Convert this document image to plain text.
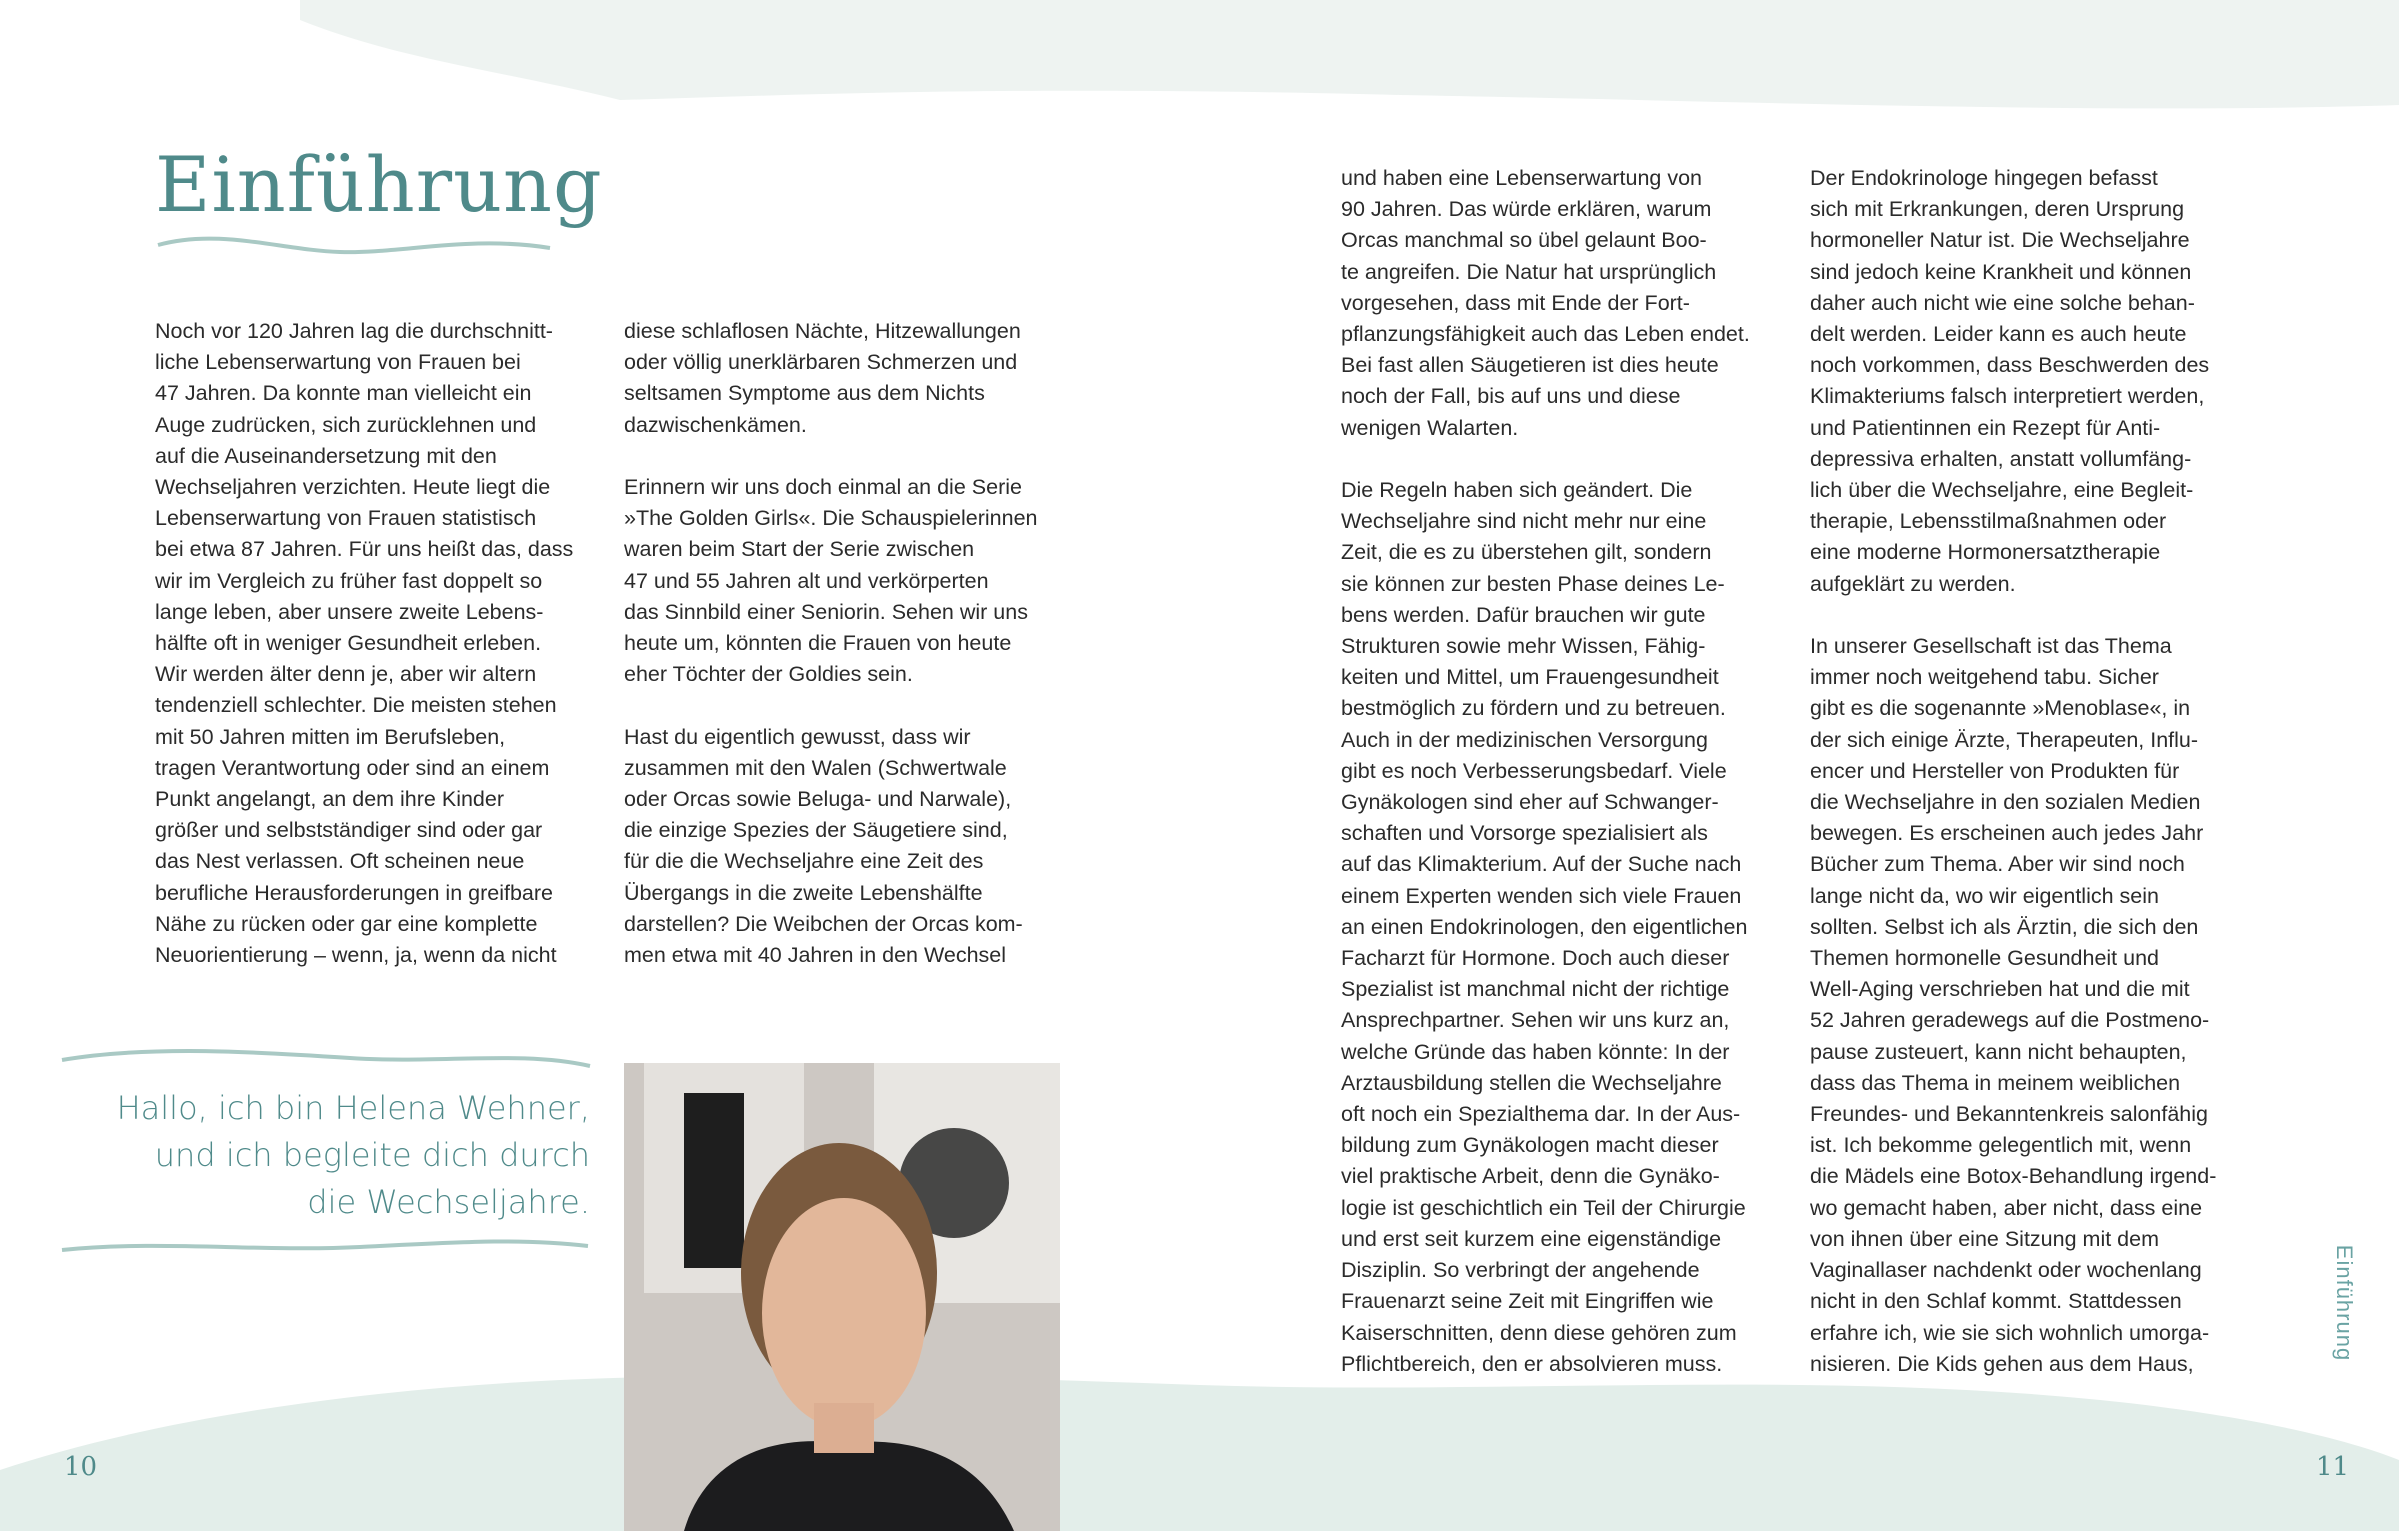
Einführung
Noch vor 120 Jahren lag die durchschnitt-
liche Lebenserwartung von Frauen bei
47 Jahren. Da konnte man vielleicht ein
Auge zudrücken, sich zurücklehnen und
auf die Auseinandersetzung mit den
Wechseljahren verzichten. Heute liegt die
Lebenserwartung von Frauen statistisch
bei etwa 87 Jahren. Für uns heißt das, dass
wir im Vergleich zu früher fast doppelt so
lange leben, aber unsere zweite Lebens-
hälfte oft in weniger Gesundheit erleben.
Wir werden älter denn je, aber wir altern
tendenziell schlechter. Die meisten stehen
mit 50 Jahren mitten im Berufsleben,
tragen Verantwortung oder sind an einem
Punkt angelangt, an dem ihre Kinder
größer und selbstständiger sind oder gar
das Nest verlassen. Oft scheinen neue
berufliche Herausforderungen in greifbare
Nähe zu rücken oder gar eine komplette
Neuorientierung – wenn, ja, wenn da nicht
diese schlaflosen Nächte, Hitzewallungen
oder völlig unerklärbaren Schmerzen und
seltsamen Symptome aus dem Nichts
dazwischenkämen.
Erinnern wir uns doch einmal an die Serie
»The Golden Girls«. Die Schauspielerinnen
waren beim Start der Serie zwischen
47 und 55 Jahren alt und verkörperten
das Sinnbild einer Seniorin. Sehen wir uns
heute um, könnten die Frauen von heute
eher Töchter der Goldies sein.
Hast du eigentlich gewusst, dass wir
zusammen mit den Walen (Schwertwale
oder Orcas sowie Beluga- und Narwale),
die einzige Spezies der Säugetiere sind,
für die die Wechseljahre eine Zeit des
Übergangs in die zweite Lebenshälfte
darstellen? Die Weibchen der Orcas kom-
men etwa mit 40 Jahren in den Wechsel
und haben eine Lebenserwartung von
90 Jahren. Das würde erklären, warum
Orcas manchmal so übel gelaunt Boo-
te angreifen. Die Natur hat ursprünglich
vorgesehen, dass mit Ende der Fort-
pflanzungsfähigkeit auch das Leben endet.
Bei fast allen Säugetieren ist dies heute
noch der Fall, bis auf uns und diese
wenigen Walarten.
Die Regeln haben sich geändert. Die
Wechseljahre sind nicht mehr nur eine
Zeit, die es zu überstehen gilt, sondern
sie können zur besten Phase deines Le-
bens werden. Dafür brauchen wir gute
Strukturen sowie mehr Wissen, Fähig-
keiten und Mittel, um Frauengesundheit
bestmöglich zu fördern und zu betreuen.
Auch in der medizinischen Versorgung
gibt es noch Verbesserungsbedarf. Viele
Gynäkologen sind eher auf Schwanger-
schaften und Vorsorge spezialisiert als
auf das Klimakterium. Auf der Suche nach
einem Experten wenden sich viele Frauen
an einen Endokrinologen, den eigentlichen
Facharzt für Hormone. Doch auch dieser
Spezialist ist manchmal nicht der richtige
Ansprechpartner. Sehen wir uns kurz an,
welche Gründe das haben könnte: In der
Arztausbildung stellen die Wechseljahre
oft noch ein Spezialthema dar. In der Aus-
bildung zum Gynäkologen macht dieser
viel praktische Arbeit, denn die Gynäko-
logie ist geschichtlich ein Teil der Chirurgie
und erst seit kurzem eine eigenständige
Disziplin. So verbringt der angehende
Frauenarzt seine Zeit mit Eingriffen wie
Kaiserschnitten, denn diese gehören zum
Pflichtbereich, den er absolvieren muss.
Der Endokrinologe hingegen befasst
sich mit Erkrankungen, deren Ursprung
hormoneller Natur ist. Die Wechseljahre
sind jedoch keine Krankheit und können
daher auch nicht wie eine solche behan-
delt werden. Leider kann es auch heute
noch vorkommen, dass Beschwerden des
Klimakteriums falsch interpretiert werden,
und Patientinnen ein Rezept für Anti-
depressiva erhalten, anstatt vollumfäng-
lich über die Wechseljahre, eine Begleit-
therapie, Lebensstilmaßnahmen oder
eine moderne Hormonersatztherapie
aufgeklärt zu werden.
In unserer Gesellschaft ist das Thema
immer noch weitgehend tabu. Sicher
gibt es die sogenannte »Menoblase«, in
der sich einige Ärzte, Therapeuten, Influ-
encer und Hersteller von Produkten für
die Wechseljahre in den sozialen Medien
bewegen. Es erscheinen auch jedes Jahr
Bücher zum Thema. Aber wir sind noch
lange nicht da, wo wir eigentlich sein
sollten. Selbst ich als Ärztin, die sich den
Themen hormonelle Gesundheit und
Well-Aging verschrieben hat und die mit
52 Jahren geradewegs auf die Postmeno-
pause zusteuert, kann nicht behaupten,
dass das Thema in meinem weiblichen
Freundes- und Bekanntenkreis salonfähig
ist. Ich bekomme gelegentlich mit, wenn
die Mädels eine Botox-Behandlung irgend-
wo gemacht haben, aber nicht, dass eine
von ihnen über eine Sitzung mit dem
Vaginallaser nachdenkt oder wochenlang
nicht in den Schlaf kommt. Stattdessen
erfahre ich, wie sie sich wohnlich umorga-
nisieren. Die Kids gehen aus dem Haus,
Hallo, ich bin Helena Wehner,
und ich begleite dich durch
die Wechseljahre.
10	11
Einführung
